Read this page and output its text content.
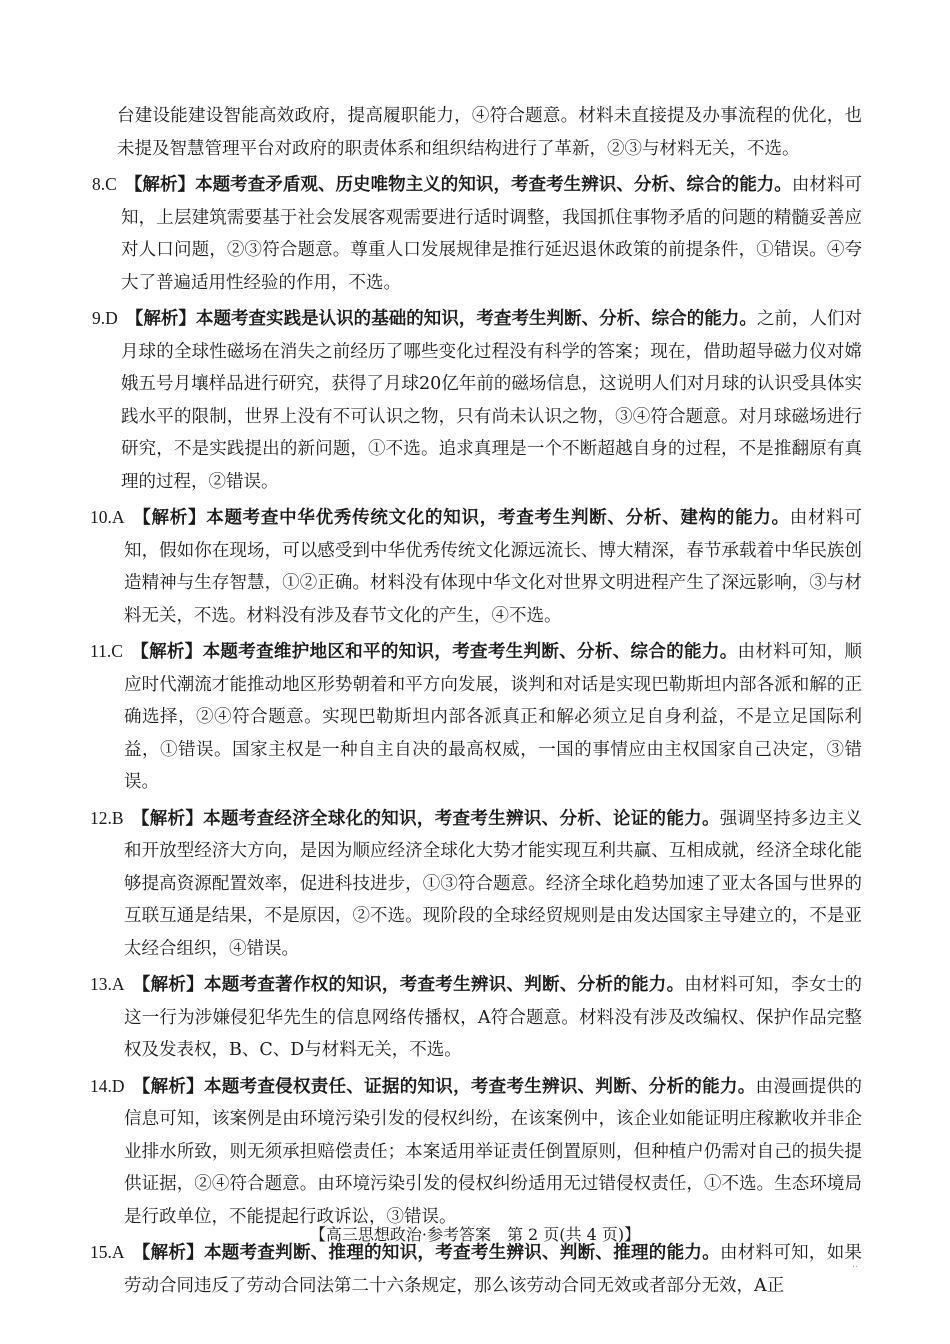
台建设能建设智能高效政府，提高履职能力，④符合题意。材料未直接提及办事流程的优化，也未提及智慧管理平台对政府的职责体系和组织结构进行了革新，②③与材料无关，不选。

8.C 【解析】本题考查矛盾观、历史唯物主义的知识，考查考生辨识、分析、综合的能力。由材料可知，上层建筑需要基于社会发展客观需要进行适时调整，我国抓住事物矛盾的问题的精髓妥善应对人口问题，②③符合题意。尊重人口发展规律是推行延迟退休政策的前提条件，①错误。④夸大了普遍适用性经验的作用，不选。

9.D 【解析】本题考查实践是认识的基础的知识，考查考生判断、分析、综合的能力。之前，人们对月球的全球性磁场在消失之前经历了哪些变化过程没有科学的答案；现在，借助超导磁力仪对嫦娥五号月壤样品进行研究，获得了月球20亿年前的磁场信息，这说明人们对月球的认识受具体实践水平的限制，世界上没有不可认识之物，只有尚未认识之物，③④符合题意。对月球磁场进行研究，不是实践提出的新问题，①不选。追求真理是一个不断超越自身的过程，不是推翻原有真理的过程，②错误。

10.A 【解析】本题考查中华优秀传统文化的知识，考查考生判断、分析、建构的能力。由材料可知，假如你在现场，可以感受到中华优秀传统文化源远流长、博大精深，春节承载着中华民族创造精神与生存智慧，①②正确。材料没有体现中华文化对世界文明进程产生了深远影响，③与材料无关，不选。材料没有涉及春节文化的产生，④不选。

11.C 【解析】本题考查维护地区和平的知识，考查考生判断、分析、综合的能力。由材料可知，顺应时代潮流才能推动地区形势朝着和平方向发展，谈判和对话是实现巴勒斯坦内部各派和解的正确选择，②④符合题意。实现巴勒斯坦内部各派真正和解必须立足自身利益，不是立足国际利益，①错误。国家主权是一种自主自决的最高权威，一国的事情应由主权国家自己决定，③错误。

12.B 【解析】本题考查经济全球化的知识，考查考生辨识、分析、论证的能力。强调坚持多边主义和开放型经济大方向，是因为顺应经济全球化大势才能实现互利共赢、互相成就，经济全球化能够提高资源配置效率，促进科技进步，①③符合题意。经济全球化趋势加速了亚太各国与世界的互联互通是结果，不是原因，②不选。现阶段的全球经贸规则是由发达国家主导建立的，不是亚太经合组织，④错误。

13.A 【解析】本题考查著作权的知识，考查考生辨识、判断、分析的能力。由材料可知，李女士的这一行为涉嫌侵犯华先生的信息网络传播权，A符合题意。材料没有涉及改编权、保护作品完整权及发表权，B、C、D与材料无关，不选。

14.D 【解析】本题考查侵权责任、证据的知识，考查考生辨识、判断、分析的能力。由漫画提供的信息可知，该案例是由环境污染引发的侵权纠纷，在该案例中，该企业如能证明庄稼歉收并非企业排水所致，则无须承担赔偿责任；本案适用举证责任倒置原则，但种植户仍需对自己的损失提供证据，②④符合题意。由环境污染引发的侵权纠纷适用无过错侵权责任，①不选。生态环境局是行政单位，不能提起行政诉讼，③错误。

15.A 【解析】本题考查判断、推理的知识，考查考生辨识、判断、推理的能力。由材料可知，如果劳动合同违反了劳动合同法第二十六条规定，那么该劳动合同无效或者部分无效，A正

【高三思想政治·参考答案　第 2 页(共 4 页)】
··
